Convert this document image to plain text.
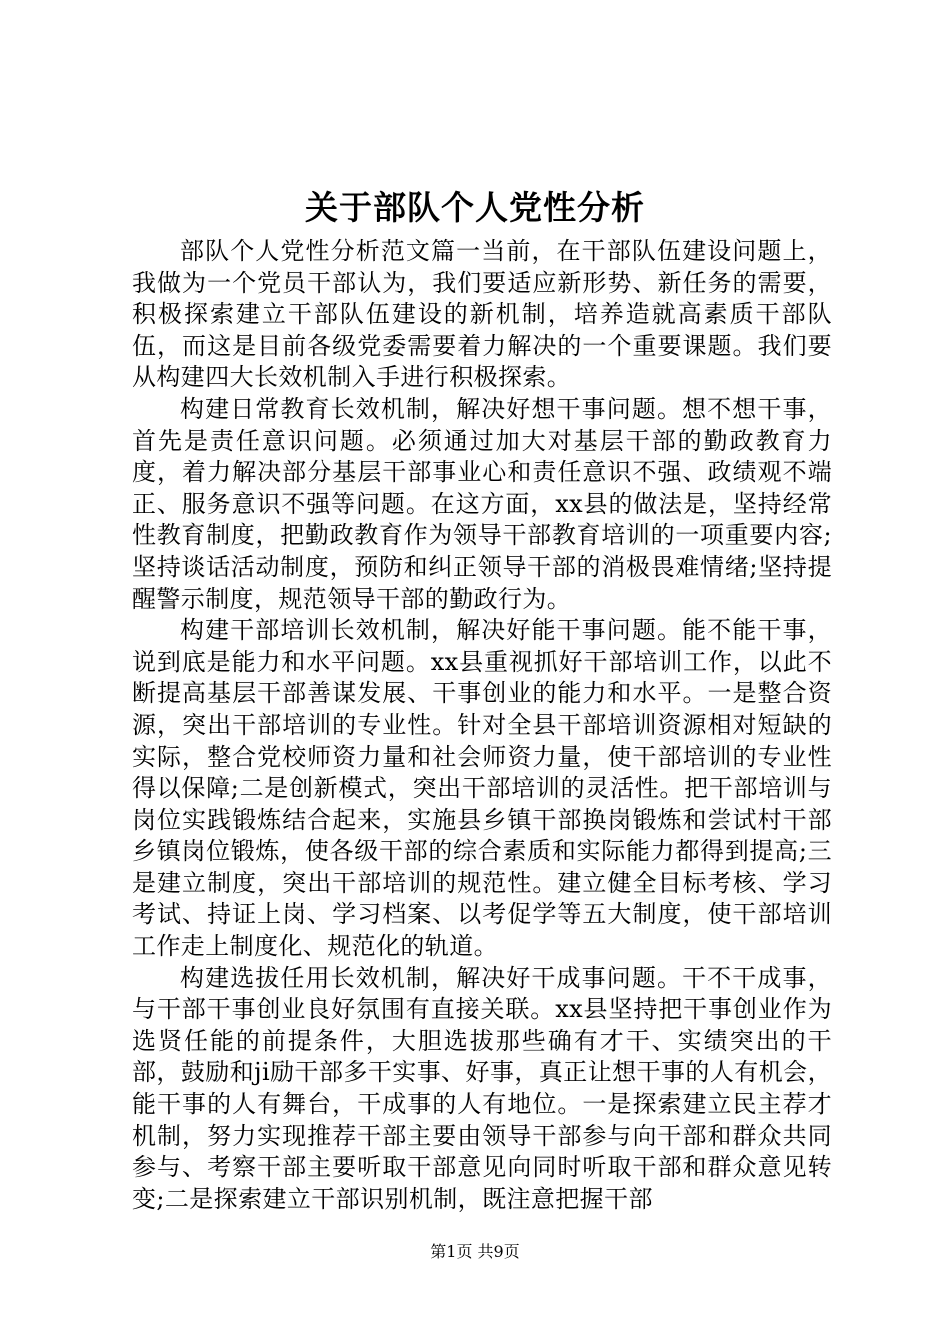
关于部队个人党性分析

部队个人党性分析范文篇一当前，在干部队伍建设问题上，我做为一个党员干部认为，我们要适应新形势、新任务的需要，积极探索建立干部队伍建设的新机制，培养造就高素质干部队伍，而这是目前各级党委需要着力解决的一个重要课题。我们要从构建四大长效机制入手进行积极探索。

构建日常教育长效机制，解决好想干事问题。想不想干事，首先是责任意识问题。必须通过加大对基层干部的勤政教育力度，着力解决部分基层干部事业心和责任意识不强、政绩观不端正、服务意识不强等问题。在这方面，xx县的做法是，坚持经常性教育制度，把勤政教育作为领导干部教育培训的一项重要内容;坚持谈话活动制度，预防和纠正领导干部的消极畏难情绪;坚持提醒警示制度，规范领导干部的勤政行为。

构建干部培训长效机制，解决好能干事问题。能不能干事，说到底是能力和水平问题。xx县重视抓好干部培训工作，以此不断提高基层干部善谋发展、干事创业的能力和水平。一是整合资源，突出干部培训的专业性。针对全县干部培训资源相对短缺的实际，整合党校师资力量和社会师资力量，使干部培训的专业性得以保障;二是创新模式，突出干部培训的灵活性。把干部培训与岗位实践锻炼结合起来，实施县乡镇干部换岗锻炼和尝试村干部乡镇岗位锻炼，使各级干部的综合素质和实际能力都得到提高;三是建立制度，突出干部培训的规范性。建立健全目标考核、学习考试、持证上岗、学习档案、以考促学等五大制度，使干部培训工作走上制度化、规范化的轨道。

构建选拔任用长效机制，解决好干成事问题。干不干成事，与干部干事创业良好氛围有直接关联。xx县坚持把干事创业作为选贤任能的前提条件，大胆选拔那些确有才干、实绩突出的干部，鼓励和ji励干部多干实事、好事，真正让想干事的人有机会，能干事的人有舞台，干成事的人有地位。一是探索建立民主荐才机制，努力实现推荐干部主要由领导干部参与向干部和群众共同参与、考察干部主要听取干部意见向同时听取干部和群众意见转变;二是探索建立干部识别机制，既注意把握干部

第1页 共9页
